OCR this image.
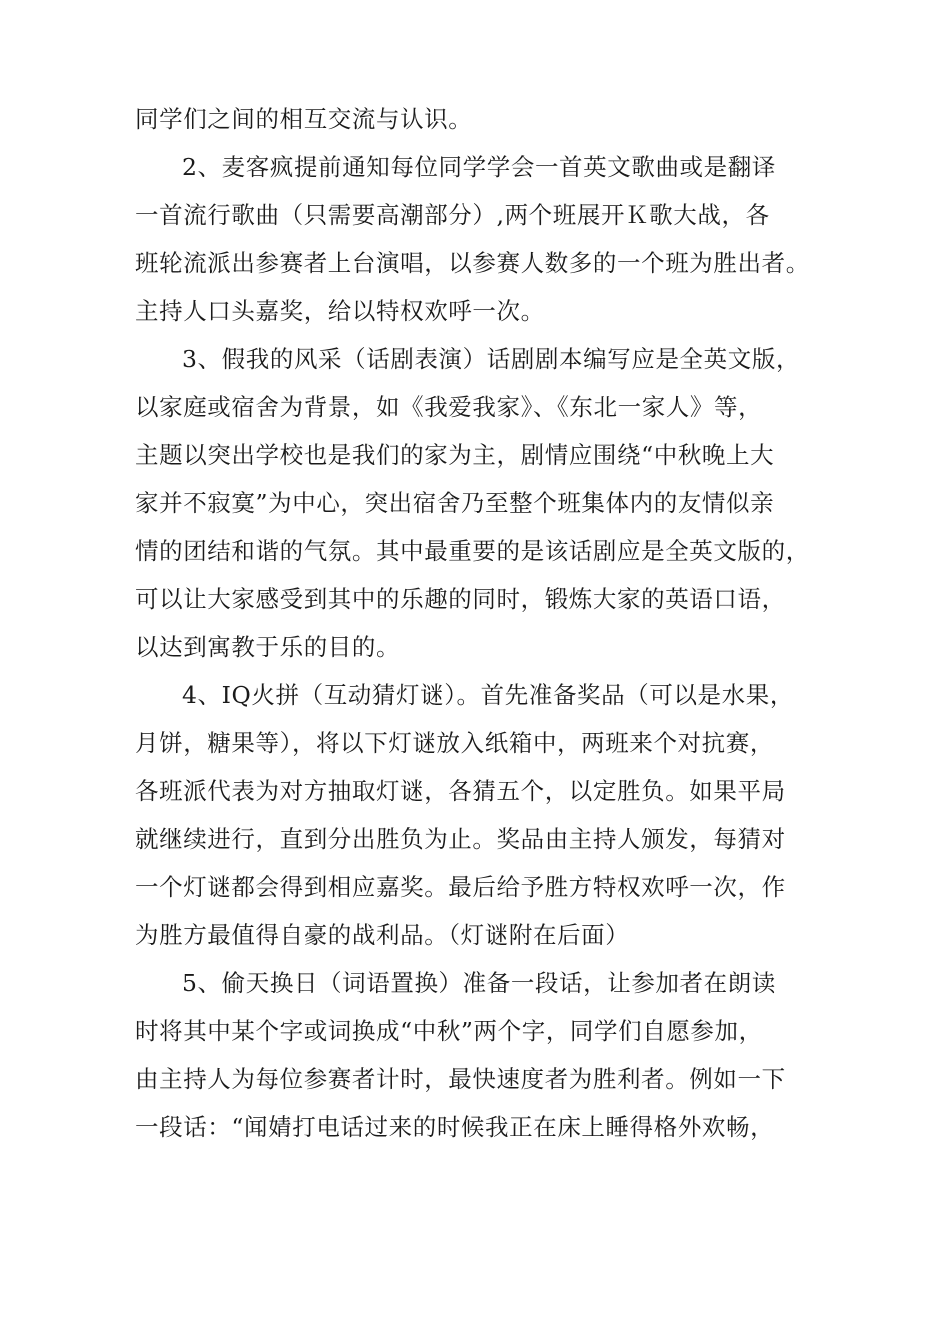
同学们之间的相互交流与认识。
2、麦客疯提前通知每位同学学会一首英文歌曲或是翻译
一首流行歌曲（只需要高潮部分）,两个班展开Ｋ歌大战，各
班轮流派出参赛者上台演唱，以参赛人数多的一个班为胜出者。
主持人口头嘉奖，给以特权欢呼一次。
3、假我的风采（话剧表演）话剧剧本编写应是全英文版，
以家庭或宿舍为背景，如《我爱我家》、《东北一家人》等，
主题以突出学校也是我们的家为主，剧情应围绕“中秋晚上大
家并不寂寞”为中心，突出宿舍乃至整个班集体内的友情似亲
情的团结和谐的气氛。其中最重要的是该话剧应是全英文版的，
可以让大家感受到其中的乐趣的同时，锻炼大家的英语口语，
以达到寓教于乐的目的。
4、IQ火拼（互动猜灯谜）。首先准备奖品（可以是水果，
月饼，糖果等），将以下灯谜放入纸箱中，两班来个对抗赛，
各班派代表为对方抽取灯谜，各猜五个，以定胜负。如果平局
就继续进行，直到分出胜负为止。奖品由主持人颁发，每猜对
一个灯谜都会得到相应嘉奖。最后给予胜方特权欢呼一次，作
为胜方最值得自豪的战利品。（灯谜附在后面）
5、偷天换日（词语置换）准备一段话，让参加者在朗读
时将其中某个字或词换成“中秋”两个字，同学们自愿参加，
由主持人为每位参赛者计时，最快速度者为胜利者。例如一下
一段话：“闻婧打电话过来的时候我正在床上睡得格外欢畅，
